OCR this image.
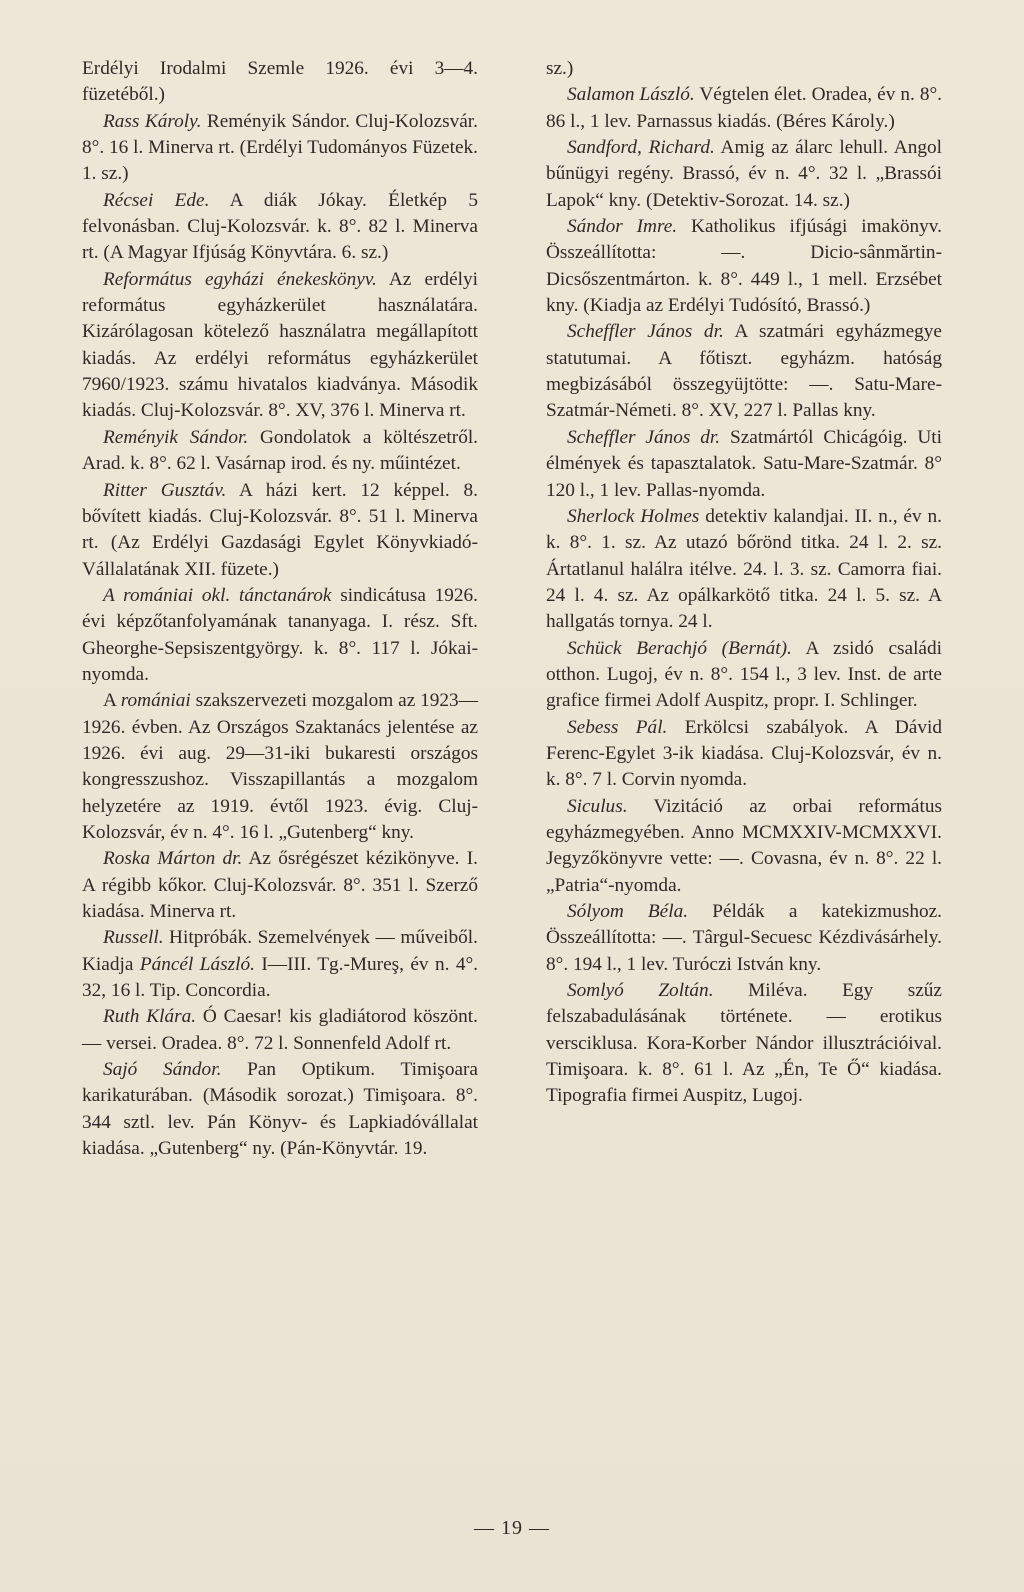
Erdélyi Irodalmi Szemle 1926. évi 3—4. füzetéből.)

Rass Károly. Reményik Sándor. Cluj-Kolozsvár. 8°. 16 l. Minerva rt. (Erdélyi Tudományos Füzetek. 1. sz.)

Récsei Ede. A diák Jókay. Életkép 5 felvonásban. Cluj-Kolozsvár. k. 8°. 82 l. Minerva rt. (A Magyar Ifjúság Könyvtára. 6. sz.)

Református egyházi énekeskönyv. Az erdélyi református egyházkerület használatára. Kizárólagosan kötelező használatra megállapított kiadás. Az erdélyi református egyházkerület 7960/1923. számu hivatalos kiadványa. Második kiadás. Cluj-Kolozsvár. 8°. XV, 376 l. Minerva rt.

Reményik Sándor. Gondolatok a költészetről. Arad. k. 8°. 62 l. Vasárnap irod. és ny. műintézet.

Ritter Gusztáv. A házi kert. 12 képpel. 8. bővített kiadás. Cluj-Kolozsvár. 8°. 51 l. Minerva rt. (Az Erdélyi Gazdasági Egylet Könyvkiadó-Vállalatának XII. füzete.)

A romániai okl. tánctanárok sindicátusa 1926. évi képzőtanfolyamának tananyaga. I. rész. Sft. Gheorghe-Sepsiszentgyörgy. k. 8°. 117 l. Jókai-nyomda.

A romániai szakszervezeti mozgalom az 1923—1926. évben. Az Országos Szaktanács jelentése az 1926. évi aug. 29—31-iki bukaresti országos kongresszushoz. Visszapillantás a mozgalom helyzetére az 1919. évtől 1923. évig. Cluj-Kolozsvár, év n. 4°. 16 l. „Gutenberg“ kny.

Roska Márton dr. Az ősrégészet kézikönyve. I. A régibb kőkor. Cluj-Kolozsvár. 8°. 351 l. Szerző kiadása. Minerva rt.

Russell. Hitpróbák. Szemelvények — műveiből. Kiadja Páncél László. I—III. Tg.-Mureş, év n. 4°. 32, 16 l. Tip. Concordia.

Ruth Klára. Ó Caesar! kis gladiátorod köszönt. — versei. Oradea. 8°. 72 l. Sonnenfeld Adolf rt.

Sajó Sándor. Pan Optikum. Timişoara karikaturában. (Második sorozat.) Timişoara. 8°. 344 sztl. lev. Pán Könyv- és Lapkiadóvállalat kiadása. „Gutenberg“ ny. (Pán-Könyvtár. 19.

sz.)

Salamon László. Végtelen élet. Oradea, év n. 8°. 86 l., 1 lev. Parnassus kiadás. (Béres Károly.)

Sandford, Richard. Amig az álarc lehull. Angol bűnügyi regény. Brassó, év n. 4°. 32 l. „Brassói Lapok“ kny. (Detektiv-Sorozat. 14. sz.)

Sándor Imre. Katholikus ifjúsági imakönyv. Összeállította: —. Dicio-sânmărtin-Dicsőszentmárton. k. 8°. 449 l., 1 mell. Erzsébet kny. (Kiadja az Erdélyi Tudósító, Brassó.)

Scheffler János dr. A szatmári egyházmegye statutumai. A főtiszt. egyházm. hatóság megbizásából összegyüjtötte: —. Satu-Mare-Szatmár-Németi. 8°. XV, 227 l. Pallas kny.

Scheffler János dr. Szatmártól Chicágóig. Uti élmények és tapasztalatok. Satu-Mare-Szatmár. 8° 120 l., 1 lev. Pallas-nyomda.

Sherlock Holmes detektiv kalandjai. II. n., év n. k. 8°. 1. sz. Az utazó bőrönd titka. 24 l. 2. sz. Ártatlanul halálra itélve. 24. l. 3. sz. Camorra fiai. 24 l. 4. sz. Az opálkarkötő titka. 24 l. 5. sz. A hallgatás tornya. 24 l.

Schück Berachjó (Bernát). A zsidó családi otthon. Lugoj, év n. 8°. 154 l., 3 lev. Inst. de arte grafice firmei Adolf Auspitz, propr. I. Schlinger.

Sebess Pál. Erkölcsi szabályok. A Dávid Ferenc-Egylet 3-ik kiadása. Cluj-Kolozsvár, év n. k. 8°. 7 l. Corvin nyomda.

Siculus. Vizitáció az orbai református egyházmegyében. Anno MCMXXIV-MCMXXVI. Jegyzőkönyvre vette: —. Covasna, év n. 8°. 22 l. „Patria“-nyomda.

Sólyom Béla. Példák a katekizmushoz. Összeállította: —. Târgul-Secuesc Kézdivásárhely. 8°. 194 l., 1 lev. Turóczi István kny.

Somlyó Zoltán. Miléva. Egy szűz felszabadulásának története. — erotikus versciklusa. Kora-Korber Nándor illusztrációival. Timişoara. k. 8°. 61 l. Az „Én, Te Ő“ kiadása. Tipografia firmei Auspitz, Lugoj.

— 19 —
